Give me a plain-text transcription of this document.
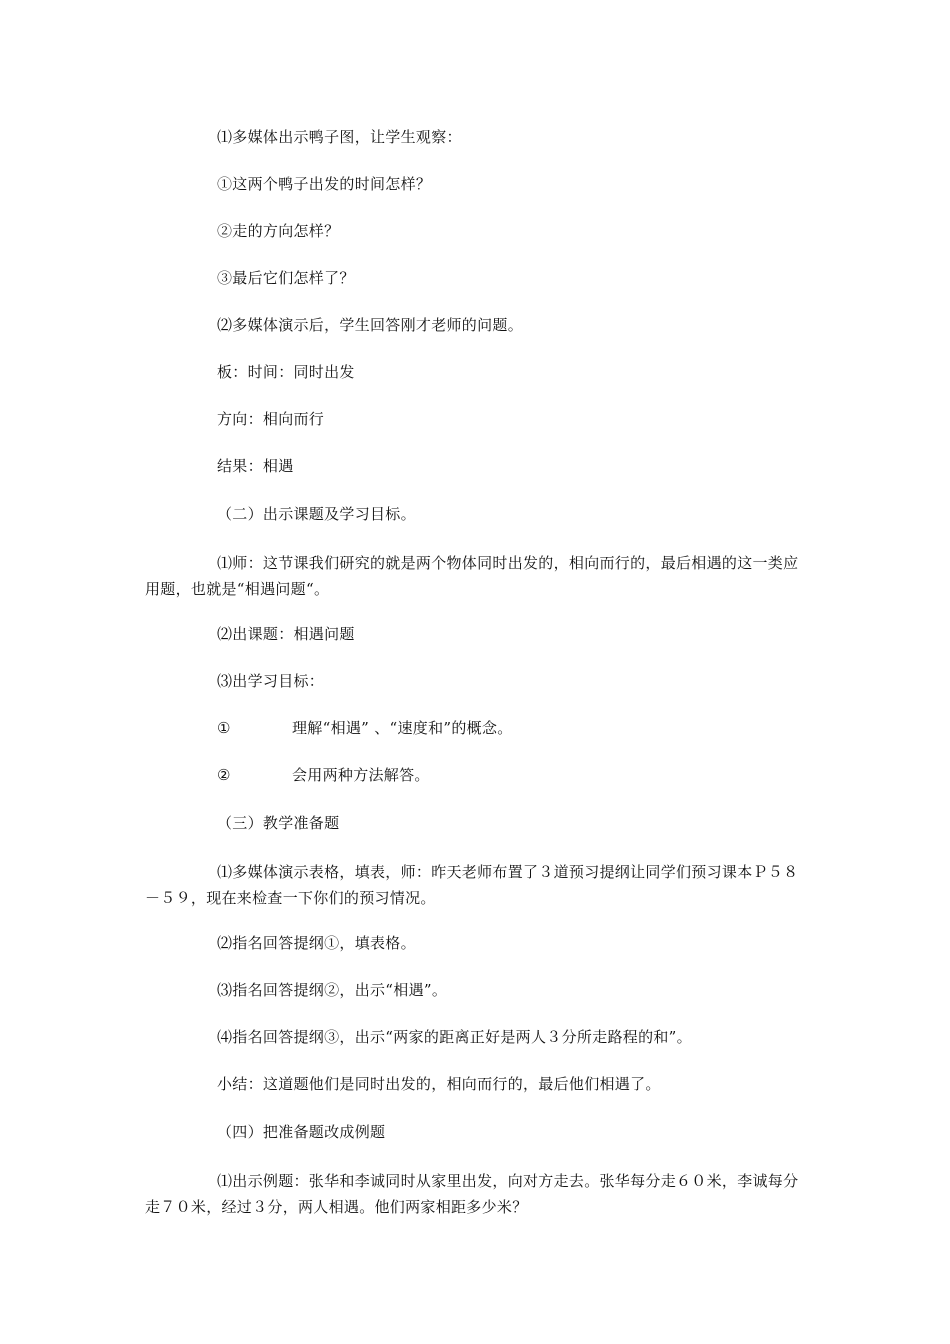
⑴多媒体出示鸭子图，让学生观察：
①这两个鸭子出发的时间怎样？
②走的方向怎样？
③最后它们怎样了？
⑵多媒体演示后，学生回答刚才老师的问题。
板：时间：同时出发
方向：相向而行
结果：相遇
（二）出示课题及学习目标。
⑴师：这节课我们研究的就是两个物体同时出发的，相向而行的，最后相遇的这一类应用题，也就是“相遇问题“。
⑵出课题：相遇问题
⑶出学习目标：
①	理解“相遇” 、“速度和”的概念。
②	会用两种方法解答。
（三）教学准备题
⑴多媒体演示表格，填表，师：昨天老师布置了３道预习提纲让同学们预习课本Ｐ５８－５９，现在来检查一下你们的预习情况。
⑵指名回答提纲①，填表格。
⑶指名回答提纲②，出示“相遇”。
⑷指名回答提纲③，出示“两家的距离正好是两人３分所走路程的和”。
小结：这道题他们是同时出发的，相向而行的，最后他们相遇了。
（四）把准备题改成例题
⑴出示例题：张华和李诚同时从家里出发，向对方走去。张华每分走６０米，李诚每分走７０米，经过３分，两人相遇。他们两家相距多少米？
